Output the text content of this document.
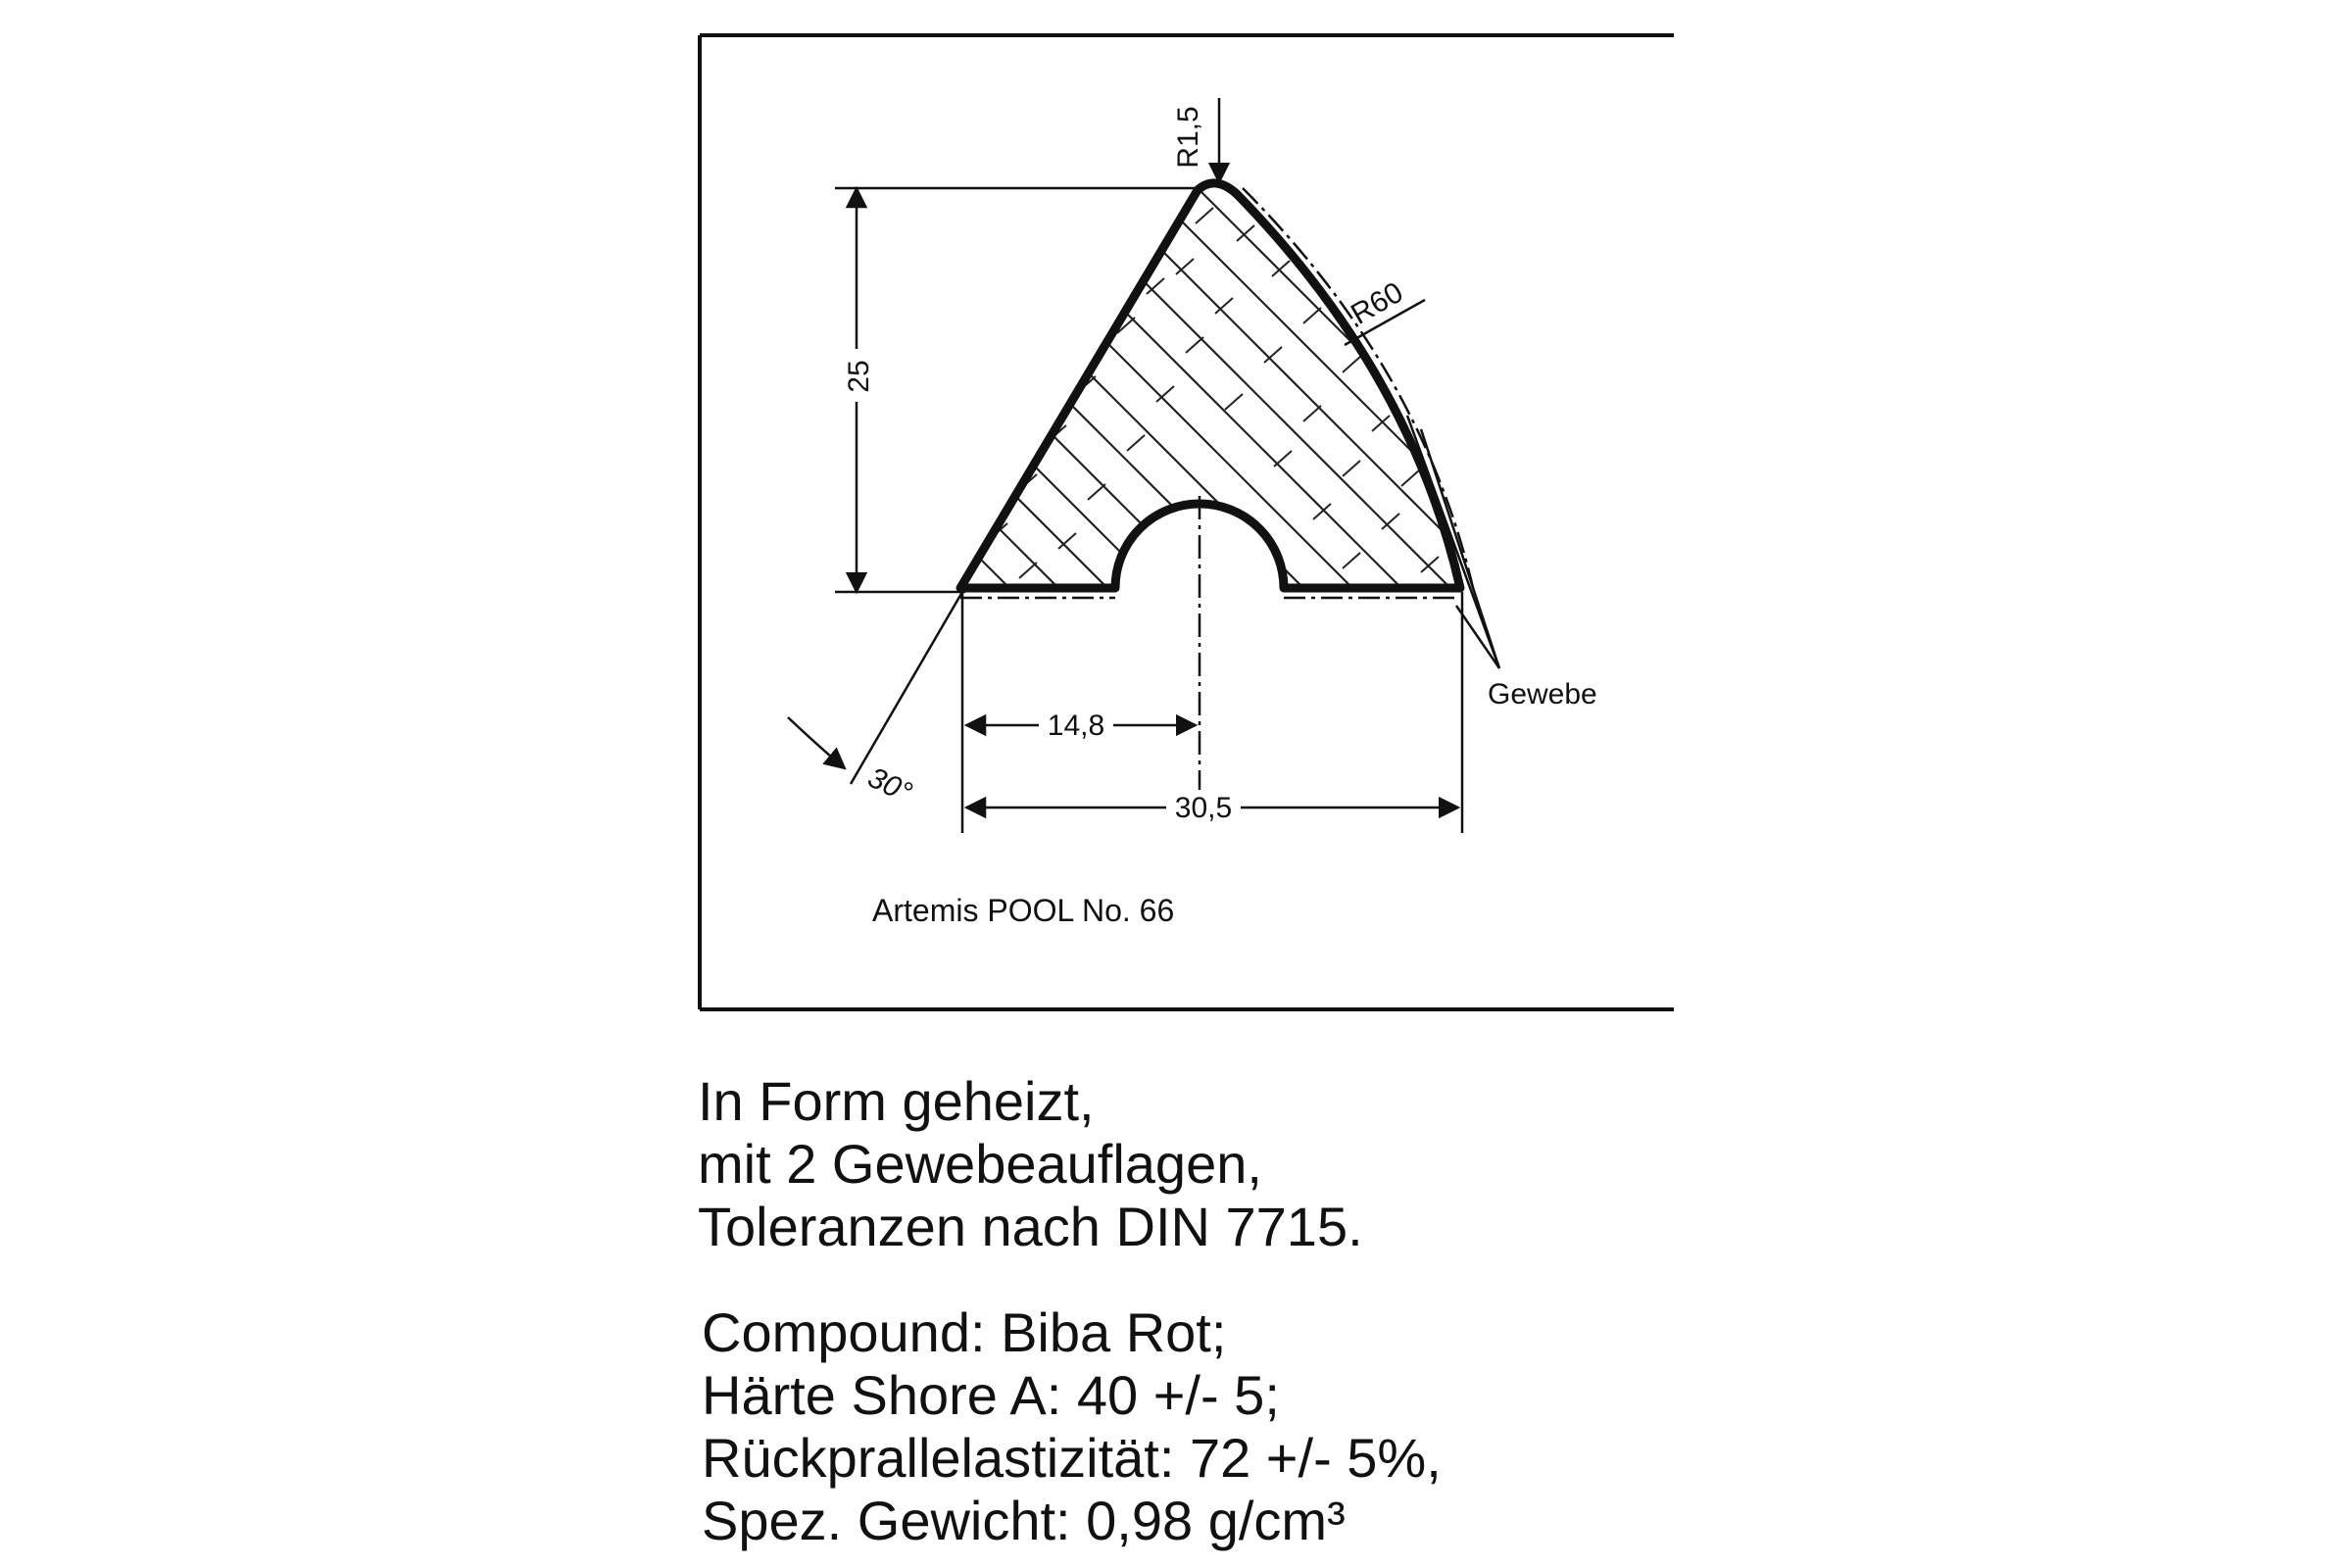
25
R1,5
R60
Gewebe
14,8
30,5
30°
Artemis POOL No. 66
In Form geheizt,
mit 2 Gewebeauflagen,
Toleranzen nach DIN 7715.
Compound: Biba Rot;
Härte Shore A: 40 +/- 5;
Rückprallelastizität: 72 +/- 5%,
Spez. Gewicht: 0,98 g/cm³
